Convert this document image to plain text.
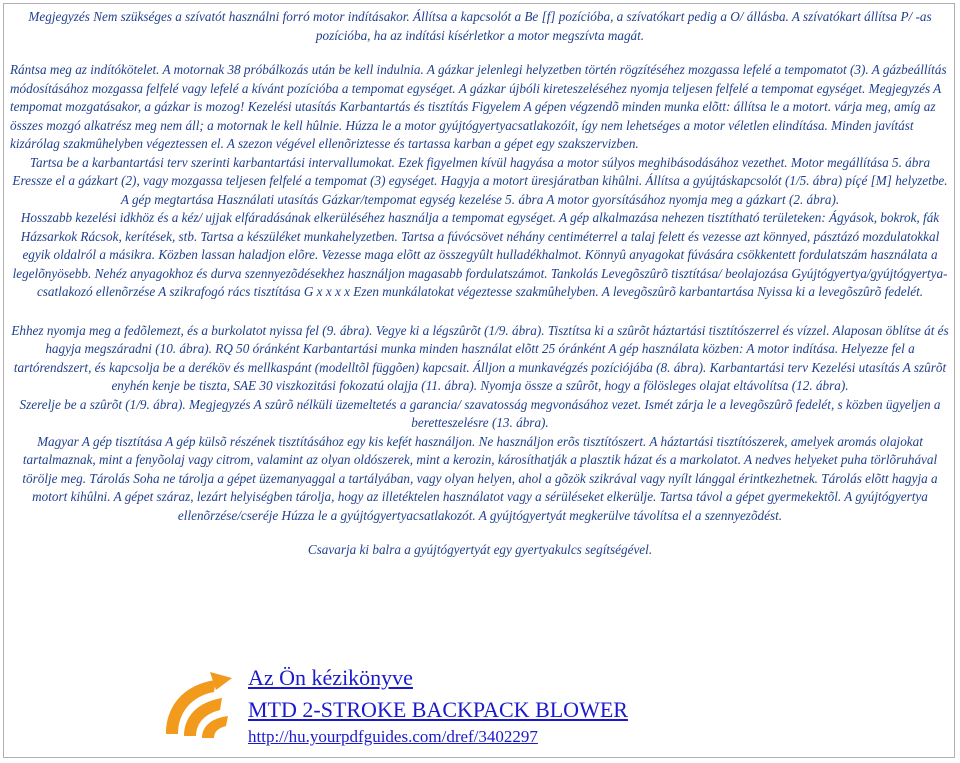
Megjegyzés Nem szükséges a szívatót használni forró motor indításakor. Állítsa a kapcsolót a Be [f] pozícióba, a szívatókart pedig a O/ állásba. A szívatókart állítsa P/ -as pozícióba, ha az indítási kísérletkor a motor megszívta magát.

Rántsa meg az indítókötelet. A motornak 38 próbálkozás után be kell indulnia. A gázkar jelenlegi helyzetben történ rögzítéséhez mozgassa lefelé a tempomatot (3). A gázbeállítás módosításához mozgassa felfelé vagy lefelé a kívánt pozícióba a tempomat egységet. A gázkar újbóli kireteszeléséhez nyomja teljesen felfelé a tempomat egységet. Megjegyzés A tempomat mozgatásakor, a gázkar is mozog! Kezelési utasítás Karbantartás és tisztítás Figyelem A gépen végzendõ minden munka elõtt: állítsa le a motort. várja meg, amíg az összes mozgó alkatrész meg nem áll; a motornak le kell hûlnie. Húzza le a motor gyújtógyertyacsatlakozóit, így nem lehetséges a motor véletlen elindítása. Minden javítást kizárólag szakmûhelyben végeztessen el. A szezon végével ellenõriztesse és tartassa karban a gépet egy szakszervizben.

Tartsa be a karbantartási terv szerinti karbantartási intervallumokat. Ezek figyelmen kívül hagyása a motor súlyos meghibásodásához vezethet. Motor megállítása 5. ábra Eressze el a gázkart (2), vagy mozgassa teljesen felfelé a tempomat (3) egységet. Hagyja a motort üresjáratban kihûlni. Állítsa a gyújtáskapcsolót (1/5. ábra) píçé [M] helyzetbe. A gép megtartása Használati utasítás Gázkar/tempomat egység kezelése 5. ábra A motor gyorsításához nyomja meg a gázkart (2. ábra).

Hosszabb kezelési idkhöz és a kéz/ ujjak elfáradásának elkerüléséhez használja a tempomat egységet. A gép alkalmazása nehezen tisztítható területeken: Ágyások, bokrok, fák Házsarkok Rácsok, kerítések, stb. Tartsa a készüléket munkahelyzetben. Tartsa a fúvócsövet néhány centiméterrel a talaj felett és vezesse azt könnyed, pásztázó mozdulatokkal egyik oldalról a másikra. Közben lassan haladjon elõre. Vezesse maga elõtt az összegyûlt hulladékhalmot. Könnyû anyagokat fúvására csökkentett fordulatszám használata a legelõnyösebb. Nehéz anyagokhoz és durva szennyezõdésekhez használjon magasabb fordulatszámot. Tankolás Levegõszûrõ tisztítása/ beolajozása Gyújtógyertya/gyújtógyertya-csatlakozó ellenõrzése A szikrafogó rács tisztítása G x x x x Ezen munkálatokat végeztesse szakmûhelyben. A levegõszûrõ karbantartása Nyissa ki a levegõszûrõ fedelét.

Ehhez nyomja meg a fedõlemezt, és a burkolatot nyissa fel (9. ábra). Vegye ki a légszûrõt (1/9. ábra). Tisztítsa ki a szûrõt háztartási tisztítószerrel és vízzel. Alaposan öblítse át és hagyja megszáradni (10. ábra). RQ 50 óránként Karbantartási munka minden használat elõtt 25 óránként A gép használata közben: A motor indítása. Helyezze fel a tartórendszert, és kapcsolja be a deréköv és mellkaspánt (modelltõl függõen) kapcsait. Álljon a munkavégzés pozíciójába (8. ábra). Karbantartási terv Kezelési utasítás A szûrõt enyhén kenje be tiszta, SAE 30 viszkozitási fokozatú olajja (11. ábra). Nyomja össze a szûrõt, hogy a fölösleges olajat eltávolítsa (12. ábra).

Szerelje be a szûrõt (1/9. ábra). Megjegyzés A szûrõ nélküli üzemeltetés a garancia/ szavatosság megvonásához vezet. Ismét zárja le a levegõszûrõ fedelét, s közben ügyeljen a beretteszelésre (13. ábra).

Magyar A gép tisztítása A gép külsõ részének tisztításához egy kis kefét használjon. Ne használjon erõs tisztítószert. A háztartási tisztítószerek, amelyek aromás olajokat tartalmaznak, mint a fenyõolaj vagy citrom, valamint az olyan oldószerek, mint a kerozin, károsíthatják a plasztik házat és a markolatot. A nedves helyeket puha törlõruhával törölje meg. Tárolás Soha ne tárolja a gépet üzemanyaggal a tartályában, vagy olyan helyen, ahol a gõzök szikrával vagy nyílt lánggal érintkezhetnek. Tárolás elõtt hagyja a motort kihûlni. A gépet száraz, lezárt helyiségben tárolja, hogy az illetéktelen használatot vagy a sérüléseket elkerülje. Tartsa távol a gépet gyermekektõl. A gyújtógyertya ellenõrzése/cseréje Húzza le a gyújtógyertyacsatlakozót. A gyújtógyertyát megkerülve távolítsa el a szennyezõdést.

Csavarja ki balra a gyújtógyertyát egy gyertyakulcs segítségével.

Az Ön kézikönyve
MTD 2-STROKE BACKPACK BLOWER
http://hu.yourpdfguides.com/dref/3402297
